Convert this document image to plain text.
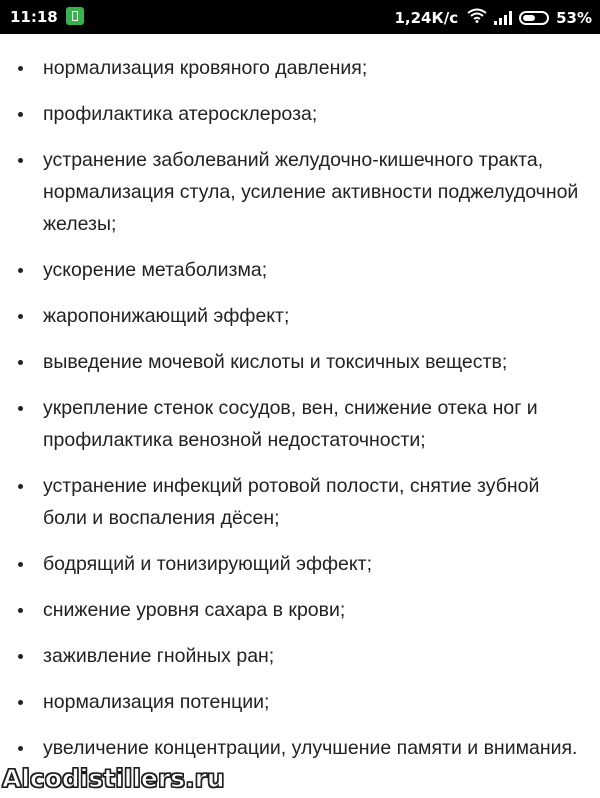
11:18	1,24К/с	53%
нормализация кровяного давления;
профилактика атеросклероза;
устранение заболеваний желудочно-кишечного тракта, нормализация стула, усиление активности поджелудочной железы;
ускорение метаболизма;
жаропонижающий эффект;
выведение мочевой кислоты и токсичных веществ;
укрепление стенок сосудов, вен, снижение отека ног и профилактика венозной недостаточности;
устранение инфекций ротовой полости, снятие зубной боли и воспаления дёсен;
бодрящий и тонизирующий эффект;
снижение уровня сахара в крови;
заживление гнойных ран;
нормализация потенции;
увеличение концентрации, улучшение памяти и внимания.
Alcodistillers.ru
